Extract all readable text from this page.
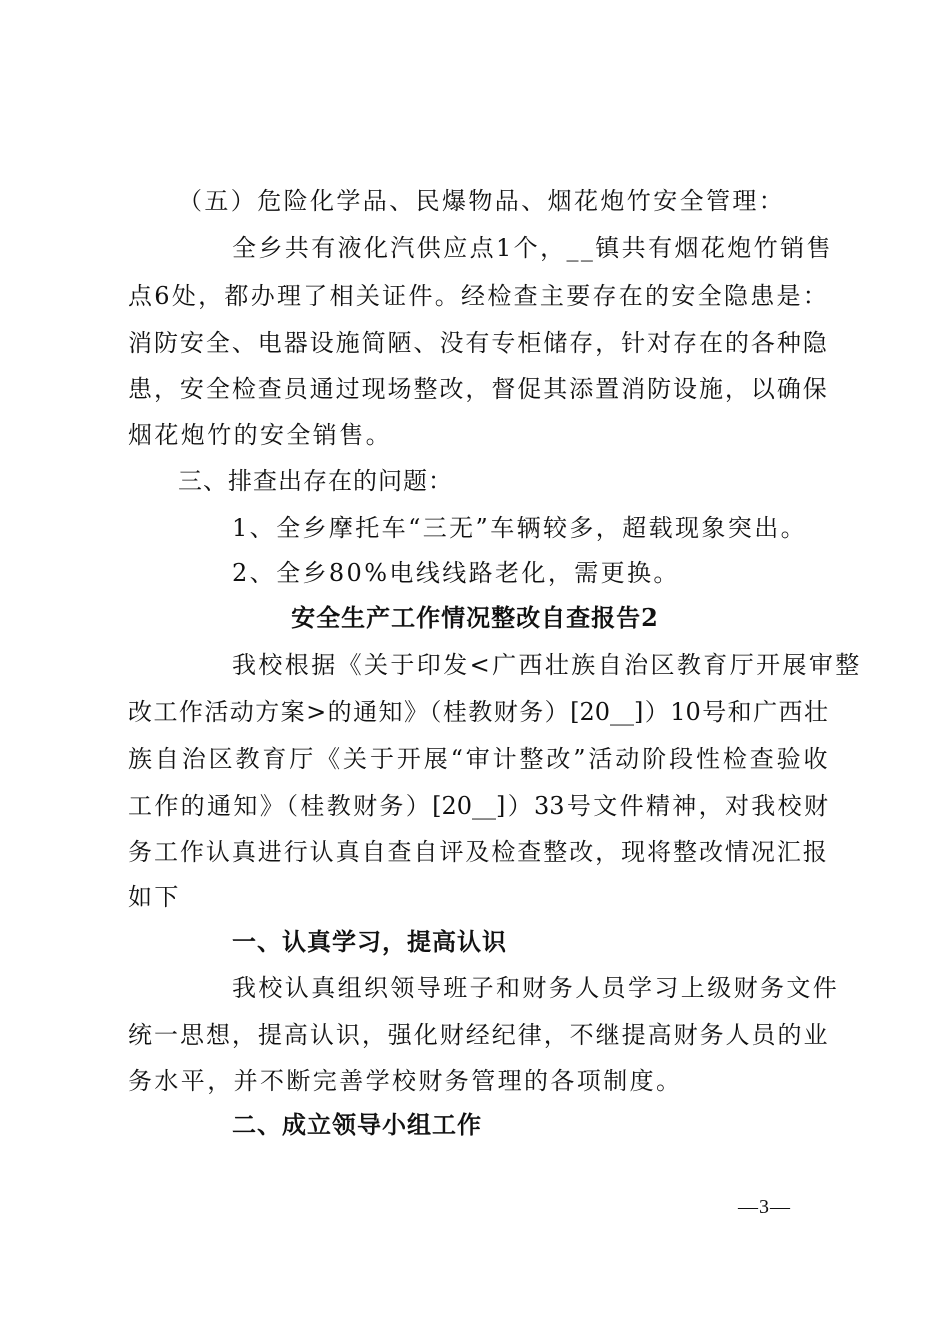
（五）危险化学品、民爆物品、烟花炮竹安全管理：
全乡共有液化汽供应点1个，__镇共有烟花炮竹销售
点6处，都办理了相关证件。经检查主要存在的安全隐患是：
消防安全、电器设施简陋、没有专柜储存，针对存在的各种隐
患，安全检查员通过现场整改，督促其添置消防设施，以确保
烟花炮竹的安全销售。
三、排查出存在的问题：
1、全乡摩托车“三无”车辆较多，超载现象突出。
2、全乡80%电线线路老化，需更换。
安全生产工作情况整改自查报告2
我校根据《关于印发<广西壮族自治区教育厅开展审整
改工作活动方案>的通知》（桂教财务）[20__]）10号和广西壮
族自治区教育厅《关于开展“审计整改”活动阶段性检查验收
工作的通知》（桂教财务）[20__]）33号文件精神，对我校财
务工作认真进行认真自查自评及检查整改，现将整改情况汇报
如下
一、认真学习，提高认识
我校认真组织领导班子和财务人员学习上级财务文件
统一思想，提高认识，强化财经纪律，不继提高财务人员的业
务水平，并不断完善学校财务管理的各项制度。
二、成立领导小组工作
—3—
